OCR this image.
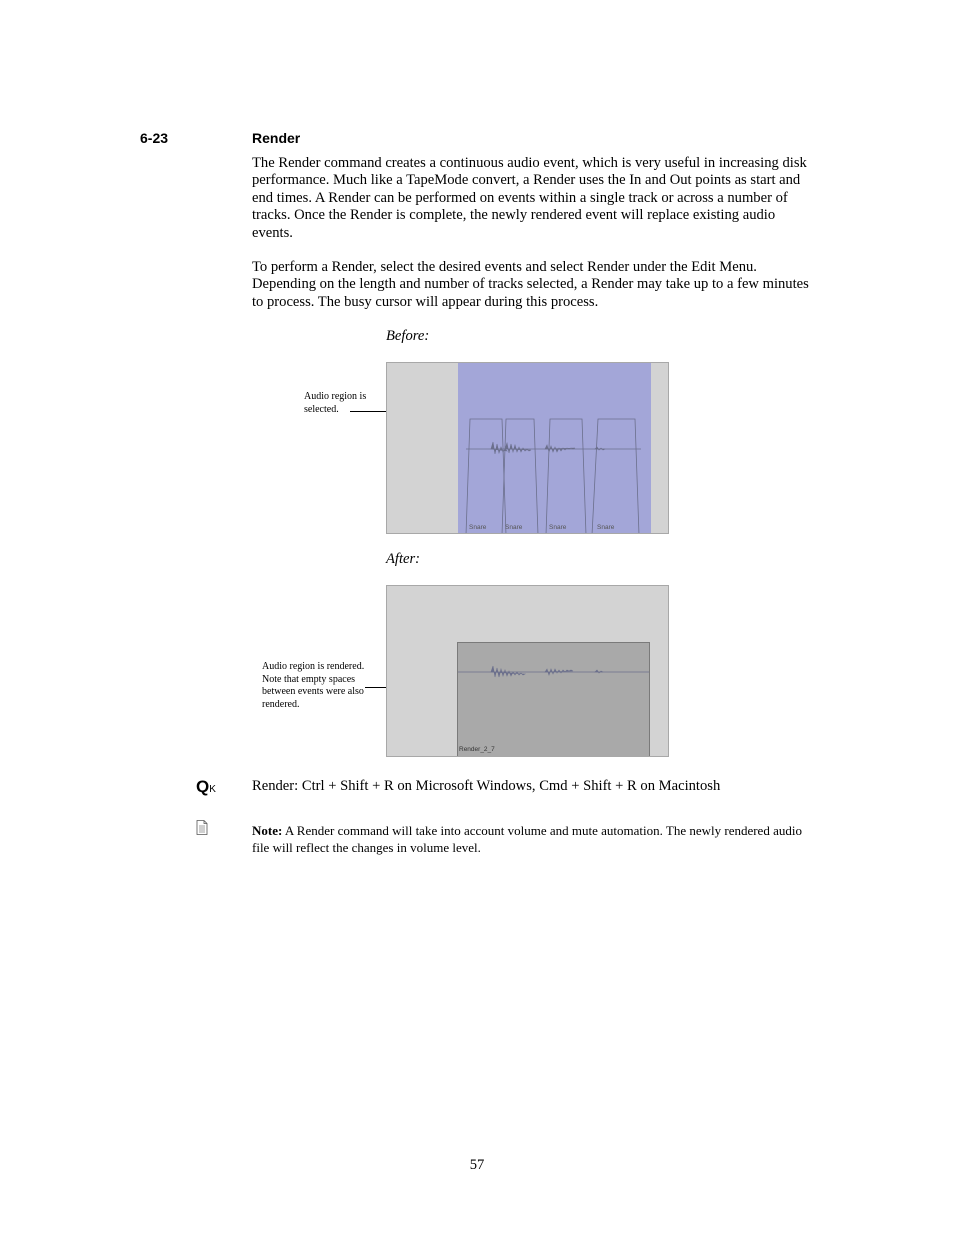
6-23	Render
The Render command creates a continuous audio event, which is very useful in increasing disk performance. Much like a TapeMode convert, a Render uses the In and Out points as start and end times. A Render can be performed on events within a single track or across a number of tracks. Once the Render is complete, the newly rendered event will replace existing audio events.
To perform a Render, select the desired events and select Render under the Edit Menu. Depending on the length and number of tracks selected, a Render may take up to a few minutes to process. The busy cursor will appear during this process.
Before:
Audio region is selected.
Snare	Snare	Snare	Snare
After:
Audio region is rendered. Note that empty spaces between events were also rendered.
Render_2_7
QK Render: Ctrl + Shift + R on Microsoft Windows, Cmd + Shift + R on Macintosh
Note: A Render command will take into account volume and mute automation. The newly rendered audio file will reflect the changes in volume level.
57
